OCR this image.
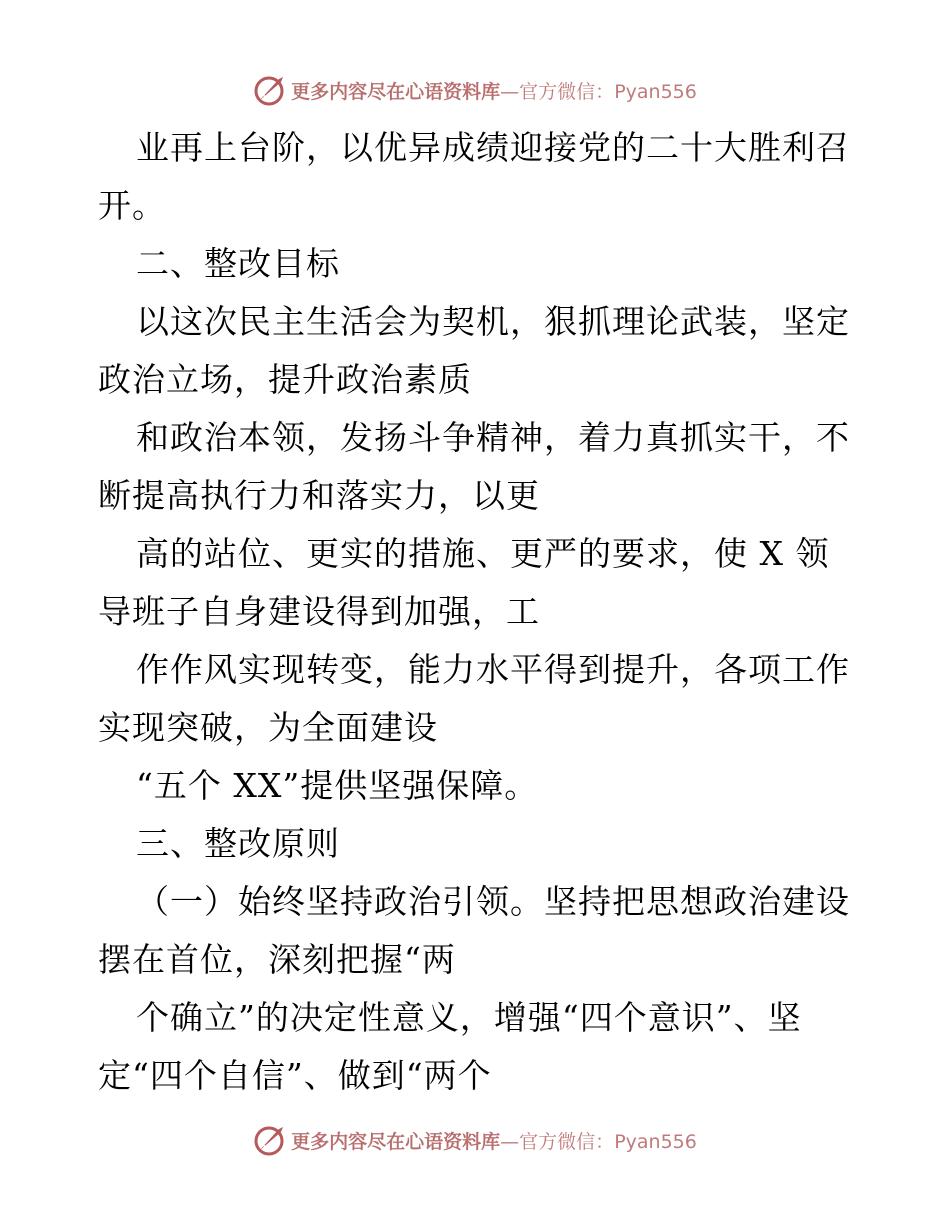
更多内容尽在心语资料库—官方微信：Pyan556
业再上台阶，以优异成绩迎接党的二十大胜利召
开。
二、整改目标
以这次民主生活会为契机，狠抓理论武装，坚定
政治立场，提升政治素质
和政治本领，发扬斗争精神，着力真抓实干，不
断提高执行力和落实力，以更
高的站位、更实的措施、更严的要求，使 X 领
导班子自身建设得到加强，工
作作风实现转变，能力水平得到提升，各项工作
实现突破，为全面建设
“五个 XX”提供坚强保障。
三、整改原则
（一）始终坚持政治引领。坚持把思想政治建设
摆在首位，深刻把握“两
个确立”的决定性意义，增强“四个意识”、坚
定“四个自信”、做到“两个
更多内容尽在心语资料库—官方微信：Pyan556
